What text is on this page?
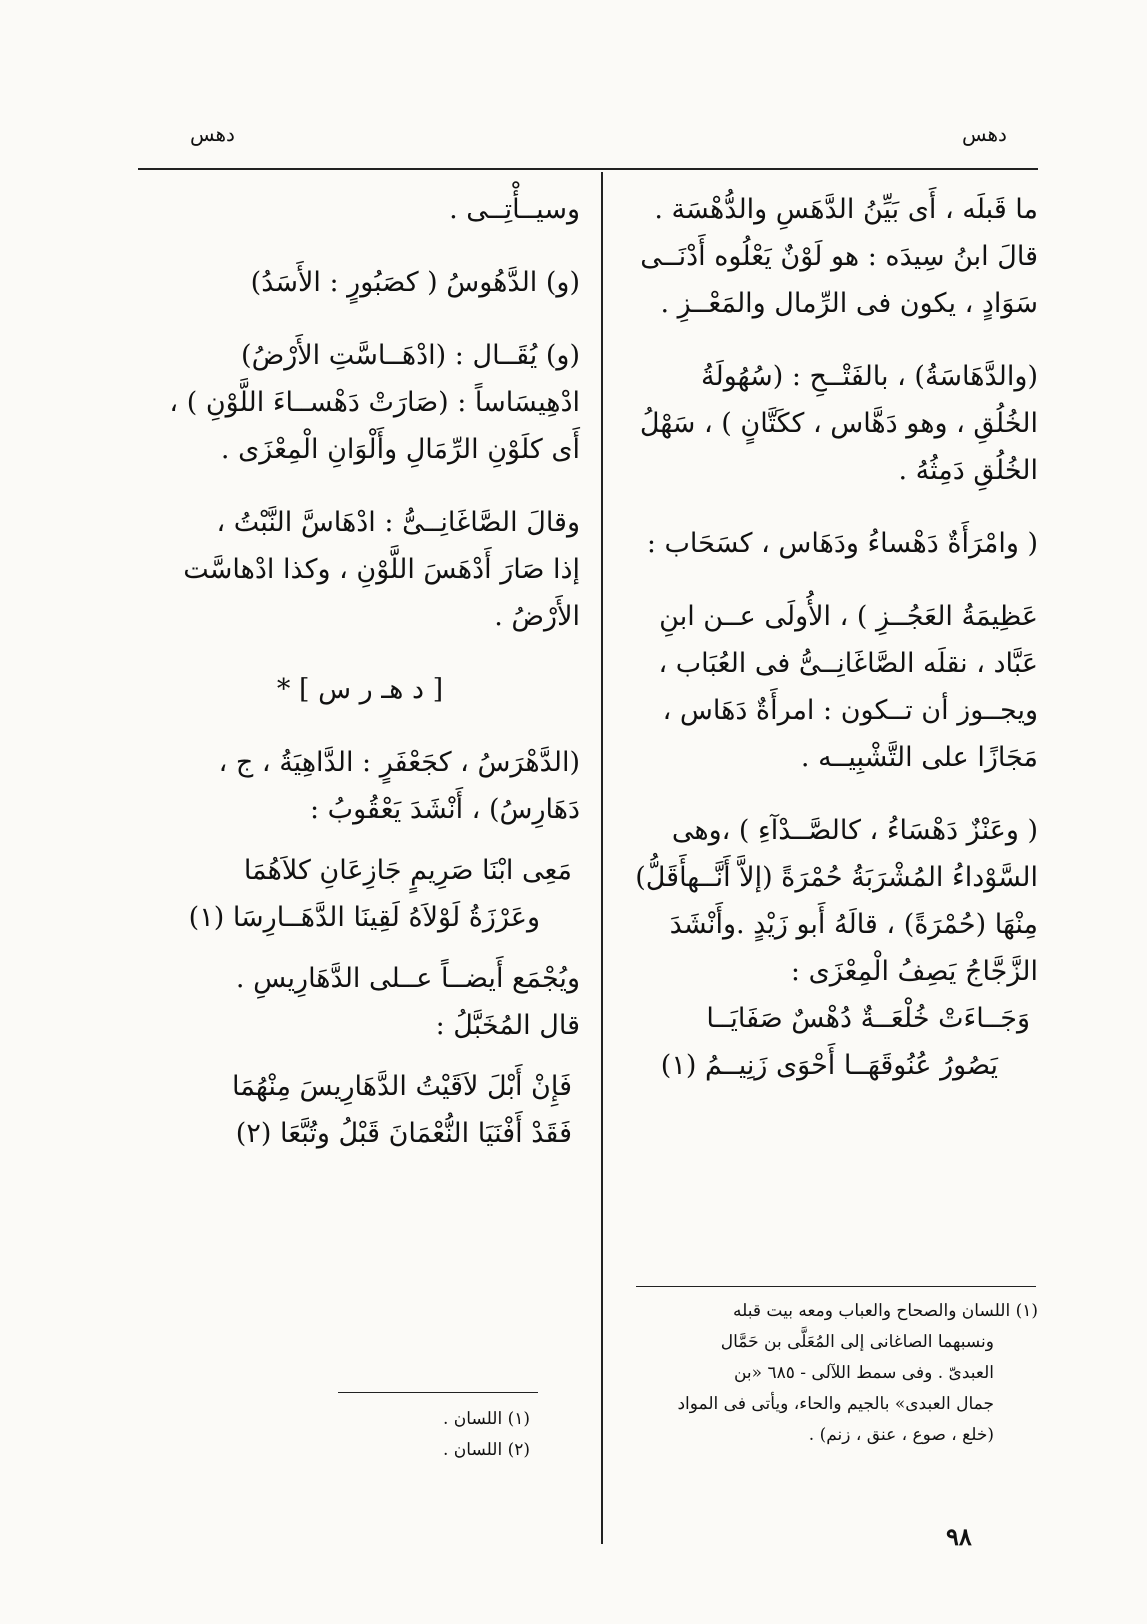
دهس
دهس

ما قَبلَه ، أَى بَيِّنُ الدَّهَسِ والدُّهْسَة .

قالَ ابنُ سِيدَه : هو لَوْنٌ يَعْلُوه أَدْنَــى

سَوَادٍ ، يكون فى الرِّمال والمَعْــزِ .

(والدَّهَاسَةُ) ، بالفَتْــحِ : (سُهُولَةُ

الخُلُقِ ، وهو دَهَّاس ، ككَتَّانٍ ) ، سَهْلُ

الخُلُقِ دَمِثُهُ .

( وامْرَأَةٌ دَهْساءُ ودَهَاس ، كسَحَاب :

عَظِيمَةُ العَجُــزِ ) ، الأُولَى عــن ابنِ

عَبَّاد ، نقلَه الصَّاغَانِــىُّ فى العُبَاب ،

ويجــوز أن تــكون : امرأَةٌ دَهَاس ،

مَجَازًا على التَّشْبِيــه .

( وعَنْزٌ دَهْسَاءُ ، كالصَّــدْآءِ ) ،وهى

السَّوْداءُ المُشْرَبَةُ حُمْرَةً (إلاَّ أَنَّــهأَقَلُّ)

مِنْهَا (حُمْرَةً) ، قالَهُ أَبو زَيْدٍ .وأَنْشَدَ

الزَّجَّاجُ يَصِفُ الْمِعْزَى :

وَجَــاءَتْ خُلْعَــةٌ دُهْسٌ صَفَايَــا

يَصُورُ عُنُوقَهَــا أَحْوَى زَنِيــمُ (١)

(١) اللسان والصحاح والعباب ومعه بيت قبله

ونسبهما الصاغانى إلى المُعَلَّى بن حَمَّال

العبدىّ . وفى سمط اللآلى - ٦٨٥ «بن

جمال العبدى» بالجيم والحاء، ويأتى فى المواد

(خلع ، صوع ، عنق ، زنم) .

وسيــأْتِــى .

(و) الدَّهُوسُ ( كصَبُورٍ : الأَسَدُ)

(و) يُقَــال : (ادْهَــاسَّتِ الأَرْضُ)

ادْهِيسَاساً : (صَارَتْ دَهْســاءَ اللَّوْنِ ) ،

أَى كلَوْنِ الرِّمَالِ وأَلْوَانِ الْمِعْزَى .

وقالَ الصَّاغَانِــىُّ : ادْهَاسَّ النَّبْتُ ،

إذا صَارَ أَدْهَسَ اللَّوْنِ ، وكذا ادْهاسَّت

الأَرْضُ .

[ د هـ ر س ] *

(الدَّهْرَسُ ، كجَعْفَرٍ : الدَّاهِيَةُ ، ج ،

دَهَارِسُ) ، أَنْشَدَ يَعْقُوبُ :

مَعِى ابْنَا صَرِيمٍ جَازِعَانِ كلاَهُمَا

وعَرْزَةُ لَوْلاَهُ لَقِينَا الدَّهَــارِسَا (١)

ويُجْمَع أَيضــاً عــلى الدَّهَارِيسِ .

قال المُخَبَّلُ :

فَإِنْ أَبْلَ لاَقَيْتُ الدَّهَارِيسَ مِنْهُمَا

فَقَدْ أَفْنَيَا النُّعْمَانَ قَبْلُ وتُبَّعَا (٢)

(١) اللسان .

(٢) اللسان .

٩٨
